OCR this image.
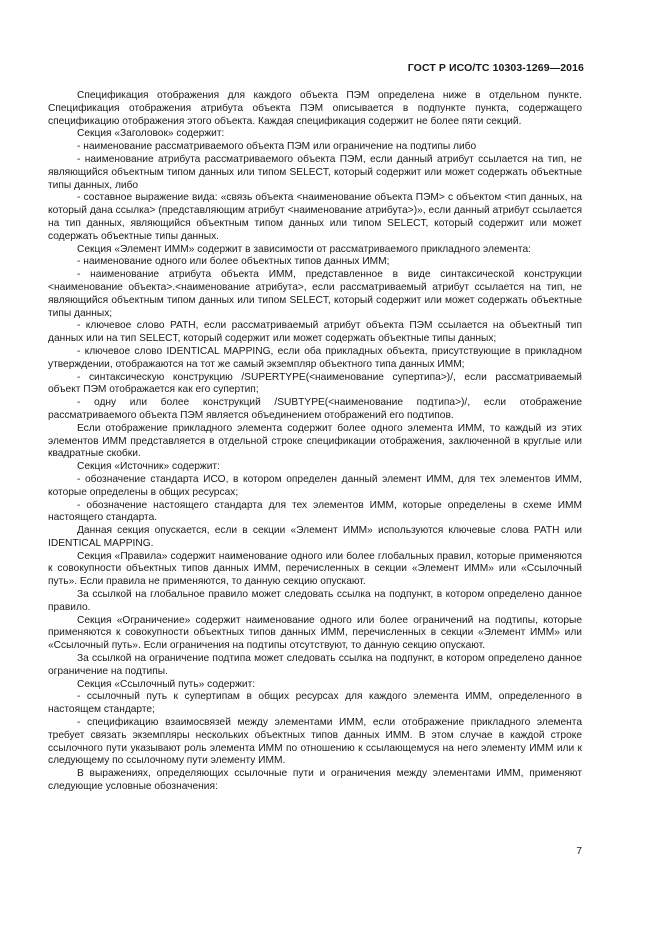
ГОСТ Р ИСО/ТС 10303-1269—2016

Спецификация отображения для каждого объекта ПЭМ определена ниже в отдельном пункте. Спецификация отображения атрибута объекта ПЭМ описывается в подпункте пункта, содержащего спецификацию отображения этого объекта. Каждая спецификация содержит не более пяти секций.

Секция «Заголовок» содержит:

- наименование рассматриваемого объекта ПЭМ или ограничение на подтипы либо

- наименование атрибута рассматриваемого объекта ПЭМ, если данный атрибут ссылается на тип, не являющийся объектным типом данных или типом SELECT, который содержит или может содержать объектные типы данных, либо

- составное выражение вида: «связь объекта <наименование объекта ПЭМ> с объектом <тип данных, на который дана ссылка> (представляющим атрибут <наименование атрибута>)», если данный атрибут ссылается на тип данных, являющийся объектным типом данных или типом SELECT, который содержит или может содержать объектные типы данных.

Секция «Элемент ИММ» содержит в зависимости от рассматриваемого прикладного элемента:

- наименование одного или более объектных типов данных ИММ;

- наименование атрибута объекта ИММ, представленное в виде синтаксической конструкции <наименование объекта>.<наименование атрибута>, если рассматриваемый атрибут ссылается на тип, не являющийся объектным типом данных или типом SELECT, который содержит или может содержать объектные типы данных;

- ключевое слово PATH, если рассматриваемый атрибут объекта ПЭМ ссылается на объектный тип данных или на тип SELECT, который содержит или может содержать объектные типы данных;

- ключевое слово IDENTICAL MAPPING, если оба прикладных объекта, присутствующие в прикладном утверждении, отображаются на тот же самый экземпляр объектного типа данных ИММ;

- синтаксическую конструкцию /SUPERTYPE(<наименование супертипа>)/, если рассматриваемый объект ПЭМ отображается как его супертип;

- одну или более конструкций /SUBTYPE(<наименование подтипа>)/, если отображение рассматриваемого объекта ПЭМ является объединением отображений его подтипов.

Если отображение прикладного элемента содержит более одного элемента ИММ, то каждый из этих элементов ИММ представляется в отдельной строке спецификации отображения, заключенной в круглые или квадратные скобки.

Секция «Источник» содержит:

- обозначение стандарта ИСО, в котором определен данный элемент ИММ, для тех элементов ИММ, которые определены в общих ресурсах;

- обозначение настоящего стандарта для тех элементов ИММ, которые определены в схеме ИММ настоящего стандарта.

Данная секция опускается, если в секции «Элемент ИММ» используются ключевые слова PATH или IDENTICAL MAPPING.

Секция «Правила» содержит наименование одного или более глобальных правил, которые применяются к совокупности объектных типов данных ИММ, перечисленных в секции «Элемент ИММ» или «Ссылочный путь». Если правила не применяются, то данную секцию опускают.

За ссылкой на глобальное правило может следовать ссылка на подпункт, в котором определено данное правило.

Секция «Ограничение» содержит наименование одного или более ограничений на подтипы, которые применяются к совокупности объектных типов данных ИММ, перечисленных в секции «Элемент ИММ» или «Ссылочный путь». Если ограничения на подтипы отсутствуют, то данную секцию опускают.

За ссылкой на ограничение подтипа может следовать ссылка на подпункт, в котором определено данное ограничение на подтипы.

Секция «Ссылочный путь» содержит:

- ссылочный путь к супертипам в общих ресурсах для каждого элемента ИММ, определенного в настоящем стандарте;

- спецификацию взаимосвязей между элементами ИММ, если отображение прикладного элемента требует связать экземпляры нескольких объектных типов данных ИММ. В этом случае в каждой строке ссылочного пути указывают роль элемента ИММ по отношению к ссылающемуся на него элементу ИММ или к следующему по ссылочному пути элементу ИММ.

В выражениях, определяющих ссылочные пути и ограничения между элементами ИММ, применяют следующие условные обозначения:

7
